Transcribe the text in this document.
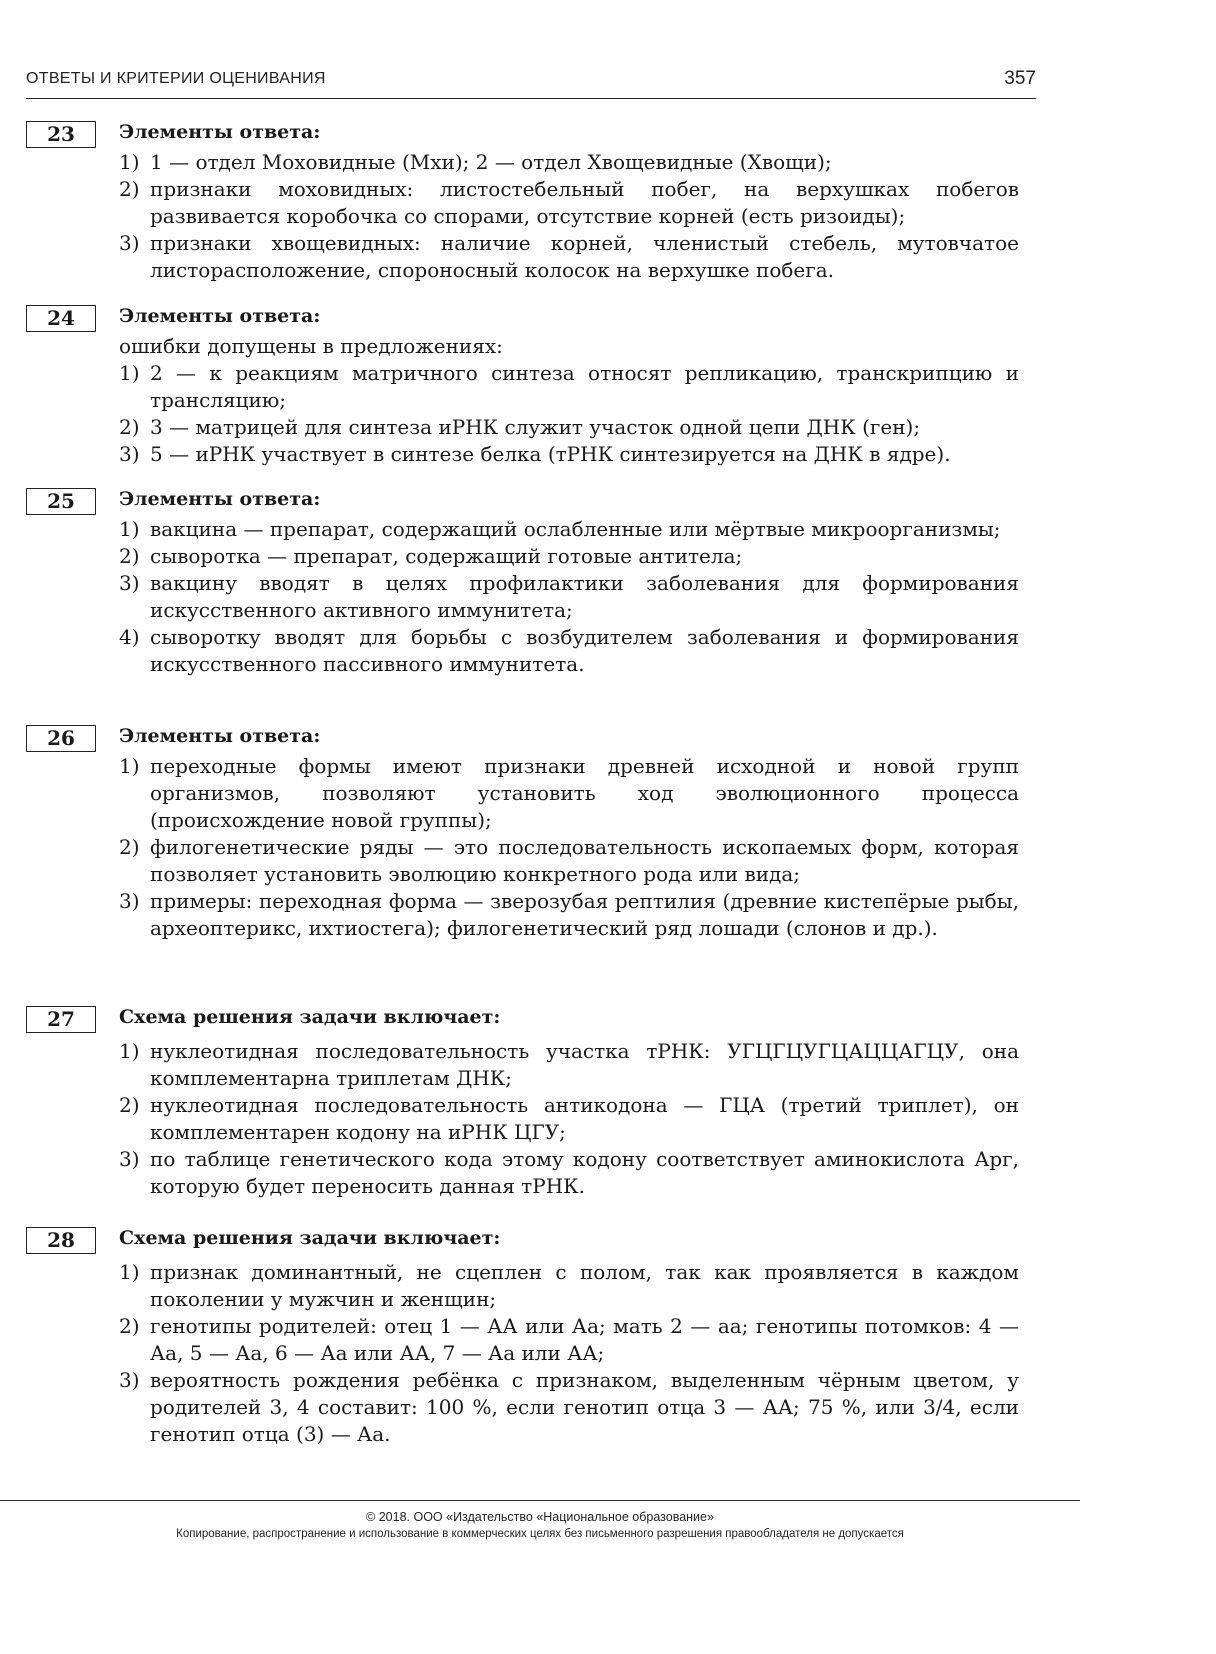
ОТВЕТЫ И КРИТЕРИИ ОЦЕНИВАНИЯ	357
23	Элементы ответа:
1) 1 — отдел Моховидные (Мхи); 2 — отдел Хвощевидные (Хвощи);
2) признаки моховидных: листостебельный побег, на верхушках побегов развивается коробочка со спорами, отсутствие корней (есть ризоиды);
3) признаки хвощевидных: наличие корней, членистый стебель, мутовчатое листорасположение, спороносный колосок на верхушке побега.
24	Элементы ответа:
ошибки допущены в предложениях:
1) 2 — к реакциям матричного синтеза относят репликацию, транскрипцию и трансляцию;
2) 3 — матрицей для синтеза иРНК служит участок одной цепи ДНК (ген);
3) 5 — иРНК участвует в синтезе белка (тРНК синтезируется на ДНК в ядре).
25	Элементы ответа:
1) вакцина — препарат, содержащий ослабленные или мёртвые микроорганизмы;
2) сыворотка — препарат, содержащий готовые антитела;
3) вакцину вводят в целях профилактики заболевания для формирования искусственного активного иммунитета;
4) сыворотку вводят для борьбы с возбудителем заболевания и формирования искусственного пассивного иммунитета.
26	Элементы ответа:
1) переходные формы имеют признаки древней исходной и новой групп организмов, позволяют установить ход эволюционного процесса (происхождение новой группы);
2) филогенетические ряды — это последовательность ископаемых форм, которая позволяет установить эволюцию конкретного рода или вида;
3) примеры: переходная форма — зверозубая рептилия (древние кистепёрые рыбы, археоптерикс, ихтиостега); филогенетический ряд лошади (слонов и др.).
27	Схема решения задачи включает:
1) нуклеотидная последовательность участка тРНК: УГЦГЦУГЦАЦЦАГЦУ, она комплементарна триплетам ДНК;
2) нуклеотидная последовательность антикодона — ГЦА (третий триплет), он комплементарен кодону на иРНК ЦГУ;
3) по таблице генетического кода этому кодону соответствует аминокислота Арг, которую будет переносить данная тРНК.
28	Схема решения задачи включает:
1) признак доминантный, не сцеплен с полом, так как проявляется в каждом поколении у мужчин и женщин;
2) генотипы родителей: отец 1 — АА или Аа; мать 2 — аа; генотипы потомков: 4 — Аа, 5 — Аа, 6 — Аа или АА, 7 — Аа или АА;
3) вероятность рождения ребёнка с признаком, выделенным чёрным цветом, у родителей 3, 4 составит: 100 %, если генотип отца 3 — АА; 75 %, или 3/4, если генотип отца (3) — Аа.
© 2018. ООО «Издательство «Национальное образование»
Копирование, распространение и использование в коммерческих целях без письменного разрешения правообладателя не допускается
